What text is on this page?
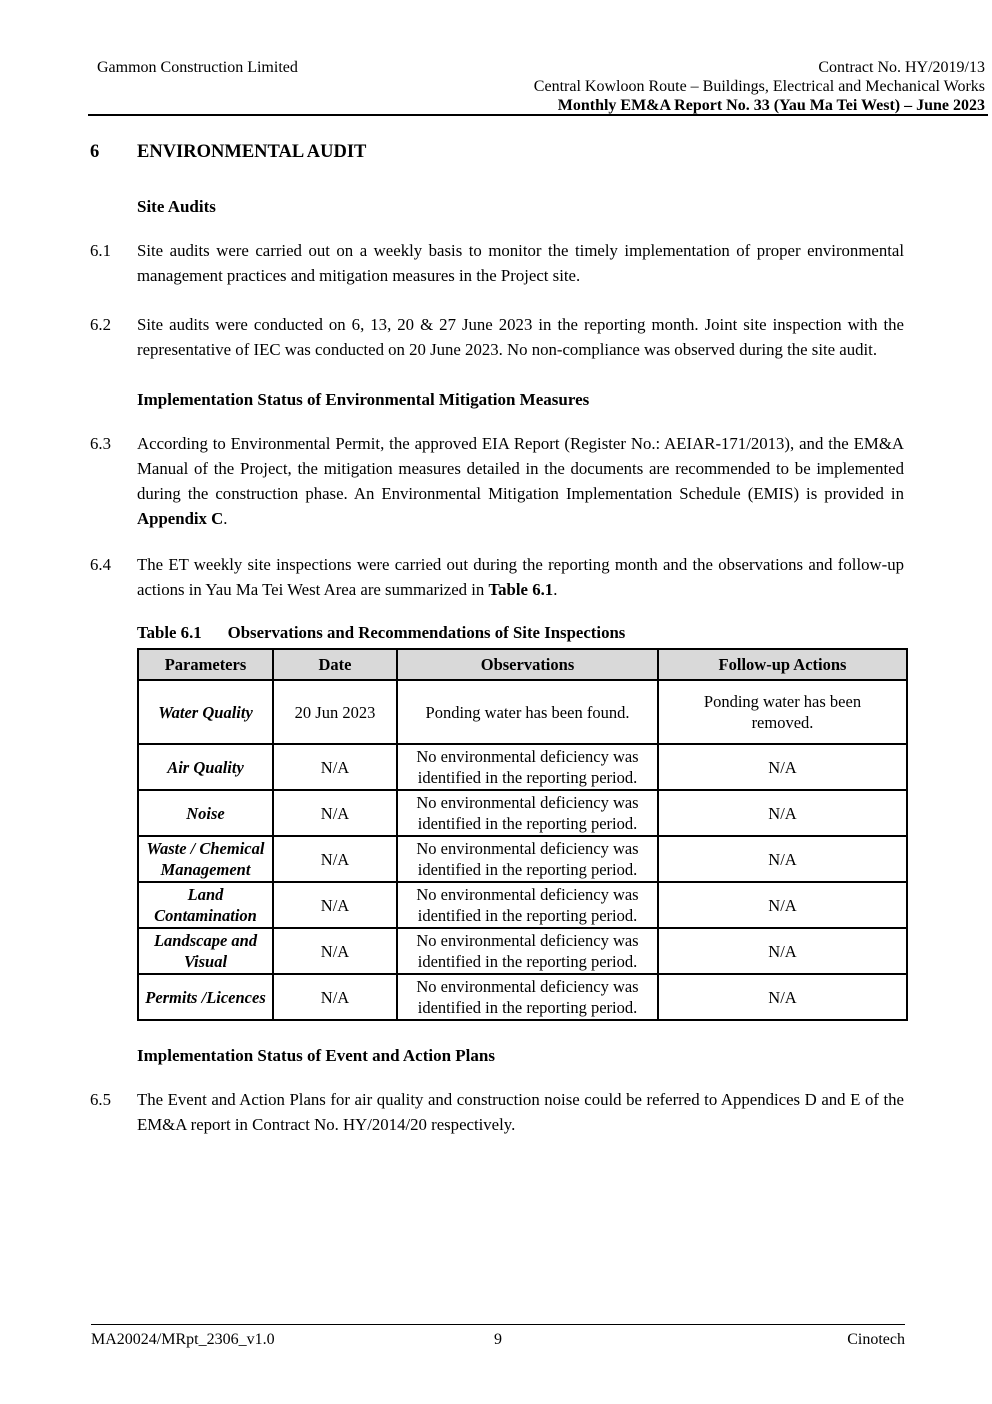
Gammon Construction Limited	Contract No. HY/2019/13
Central Kowloon Route – Buildings, Electrical and Mechanical Works
Monthly EM&A Report No. 33 (Yau Ma Tei West) – June 2023
6	ENVIRONMENTAL AUDIT
Site Audits
6.1	Site audits were carried out on a weekly basis to monitor the timely implementation of proper environmental management practices and mitigation measures in the Project site.
6.2	Site audits were conducted on 6, 13, 20 & 27 June 2023 in the reporting month. Joint site inspection with the representative of IEC was conducted on 20 June 2023. No non-compliance was observed during the site audit.
Implementation Status of Environmental Mitigation Measures
6.3	According to Environmental Permit, the approved EIA Report (Register No.: AEIAR-171/2013), and the EM&A Manual of the Project, the mitigation measures detailed in the documents are recommended to be implemented during the construction phase. An Environmental Mitigation Implementation Schedule (EMIS) is provided in Appendix C.
6.4	The ET weekly site inspections were carried out during the reporting month and the observations and follow-up actions in Yau Ma Tei West Area are summarized in Table 6.1.
Table 6.1 Observations and Recommendations of Site Inspections
Parameters	Date	Observations	Follow-up Actions
Water Quality	20 Jun 2023	Ponding water has been found.	Ponding water has been removed.

Air Quality	N/A	No environmental deficiency was identified in the reporting period.	N/A
Noise	N/A	No environmental deficiency was identified in the reporting period.	N/A
Waste / Chemical Management	N/A	No environmental deficiency was identified in the reporting period.	N/A
Land Contamination	N/A	No environmental deficiency was identified in the reporting period.	N/A
Landscape and Visual	N/A	No environmental deficiency was identified in the reporting period.	N/A
Permits /Licences	N/A	No environmental deficiency was identified in the reporting period.	N/A
Implementation Status of Event and Action Plans
6.5	The Event and Action Plans for air quality and construction noise could be referred to Appendices D and E of the EM&A report in Contract No. HY/2014/20 respectively.
MA20024/MRpt_2306_v1.0	9	Cinotech
